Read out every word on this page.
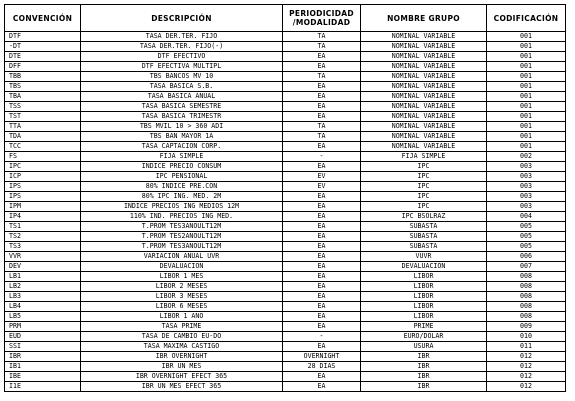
CONVENCIÓN	DESCRIPCIÓN	PERIODICIDAD /MODALIDAD	NOMBRE GRUPO	CODIFICACIÓN
DTF	TASA DER.TER. FIJO	TA	NOMINAL VARIABLE	001
-DT	TASA DER.TER. FIJO(-)	TA	NOMINAL VARIABLE	001
DTE	DTF EFECTIVO	EA	NOMINAL VARIABLE	001
DFF	DTF EFECTIVA MULTIPL	EA	NOMINAL VARIABLE	001
TBB	TBS BANCOS MV 10	TA	NOMINAL VARIABLE	001
TBS	TASA BASICA S.B.	EA	NOMINAL VARIABLE	001
TBA	TASA BASICA ANUAL	EA	NOMINAL VARIABLE	001
TSS	TASA BASICA SEMESTRE	EA	NOMINAL VARIABLE	001
TST	TASA BASICA TRIMESTR	EA	NOMINAL VARIABLE	001
TTA	TBS MVIL 10 > 360 ADI	TA	NOMINAL VARIABLE	001
TDA	TBS BAN MAYOR 1A	TA	NOMINAL VARIABLE	001
TCC	TASA CAPTACION CORP.	EA	NOMINAL VARIABLE	001
FS	FIJA SIMPLE	-	FIJA SIMPLE	002
IPC	INDICE PRECIO CONSUM	EA	IPC	003
ICP	IPC PENSIONAL	EV	IPC	003
IPS	80% INDICE PRE.CON	EV	IPC	003
IPS	80% IPC ING. MED. 2M	EA	IPC	003
IPM	INDICE PRECIOS ING MEDIOS 12M	EA	IPC	003
IP4	110% IND. PRECIOS ING MED.	EA	IPC BSOLRAZ	004
TS1	T.PROM TES3ANOULT12M	EA	SUBASTA	005
TS2	T.PROM TES2ANOULT12M	EA	SUBASTA	005
TS3	T.PROM TES3ANOULT12M	EA	SUBASTA	005
VVR	VARIACION ANUAL UVR	EA	VUVR	006
DEV	DEVALUACION	EA	DEVALUACIÓN	007
LB1	LIBOR 1 MES	EA	LIBOR	008
LB2	LIBOR 2 MESES	EA	LIBOR	008
LB3	LIBOR 3 MESES	EA	LIBOR	008
LB4	LIBOR 6 MESES	EA	LIBOR	008
LB5	LIBOR 1 AÑO	EA	LIBOR	008
PRM	TASA PRIME	EA	PRIME	009
EUD	TASA DE CAMBIO EU-DO	-	EURO/DOLAR	010
SSI	TASA MAXIMA CASTIGO	EA	USURA	011
IBR	IBR OVERNIGHT	OVERNIGHT	IBR	012
IB1	IBR UN MES	28 DIAS	IBR	012
IBE	IBR OVERNIGHT EFECT 365	EA	IBR	012
I1E	IBR UN MES EFECT 365	EA	IBR	012
